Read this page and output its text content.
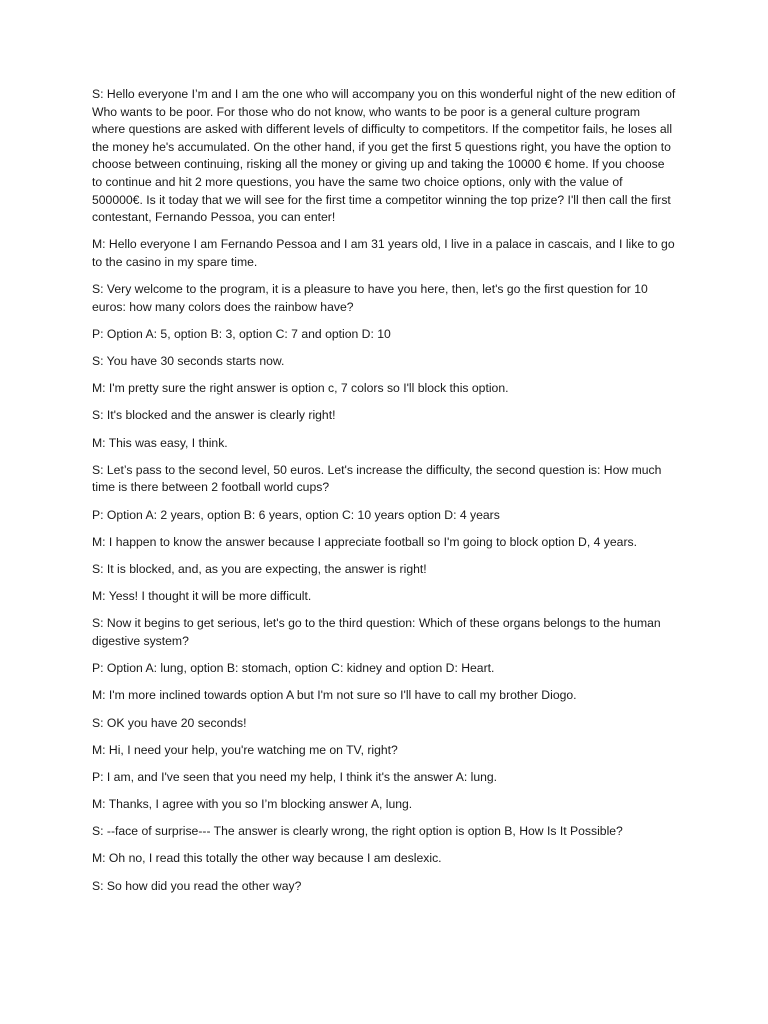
S: Hello everyone I’m and I am the one who will accompany you on this wonderful night of the new edition of Who wants to be poor. For those who do not know, who wants to be poor is a general culture program where questions are asked with different levels of difficulty to competitors. If the competitor fails, he loses all the money he's accumulated. On the other hand, if you get the first 5 questions right, you have the option to choose between continuing, risking all the money or giving up and taking the 10000 € home. If you choose to continue and hit 2 more questions, you have the same two choice options, only with the value of 500000€. Is it today that we will see for the first time a competitor winning the top prize? I'll then call the first contestant, Fernando Pessoa, you can enter!

M: Hello everyone I am Fernando Pessoa and I am 31 years old, I live in a palace in cascais, and I like to go to the casino in my spare time.

S: Very welcome to the program, it is a pleasure to have you here, then, let's go the first question for 10 euros: how many colors does the rainbow have?

P: Option A: 5, option B: 3, option C: 7 and option D: 10

S: You have 30 seconds starts now.

M: I'm pretty sure the right answer is option c, 7 colors so I'll block this option.

S: It's blocked and the answer is clearly right!

M: This was easy, I think.

S: Let’s pass to the second level, 50 euros. Let's increase the difficulty, the second question is: How much time is there between 2 football world cups?

P: Option A: 2 years, option B: 6 years, option C: 10 years option D: 4 years

M: I happen to know the answer because I appreciate football so I'm going to block option D, 4 years.

S: It is blocked, and, as you are expecting, the answer is right!

M: Yess! I thought it will be more difficult.

S: Now it begins to get serious, let's go to the third question: Which of these organs belongs to the human digestive system?

P: Option A: lung, option B: stomach, option C: kidney and option D: Heart.

M: I'm more inclined towards option A but I'm not sure so I'll have to call my brother Diogo.

S: OK you have 20 seconds!

M: Hi, I need your help, you're watching me on TV, right?

P: I am, and I've seen that you need my help, I think it's the answer A: lung.

M: Thanks, I agree with you so I’m blocking answer A, lung.

S: --face of surprise--- The answer is clearly wrong, the right option is option B, How Is It Possible?

M: Oh no, I read this totally the other way because I am deslexic.

S: So how did you read the other way?
